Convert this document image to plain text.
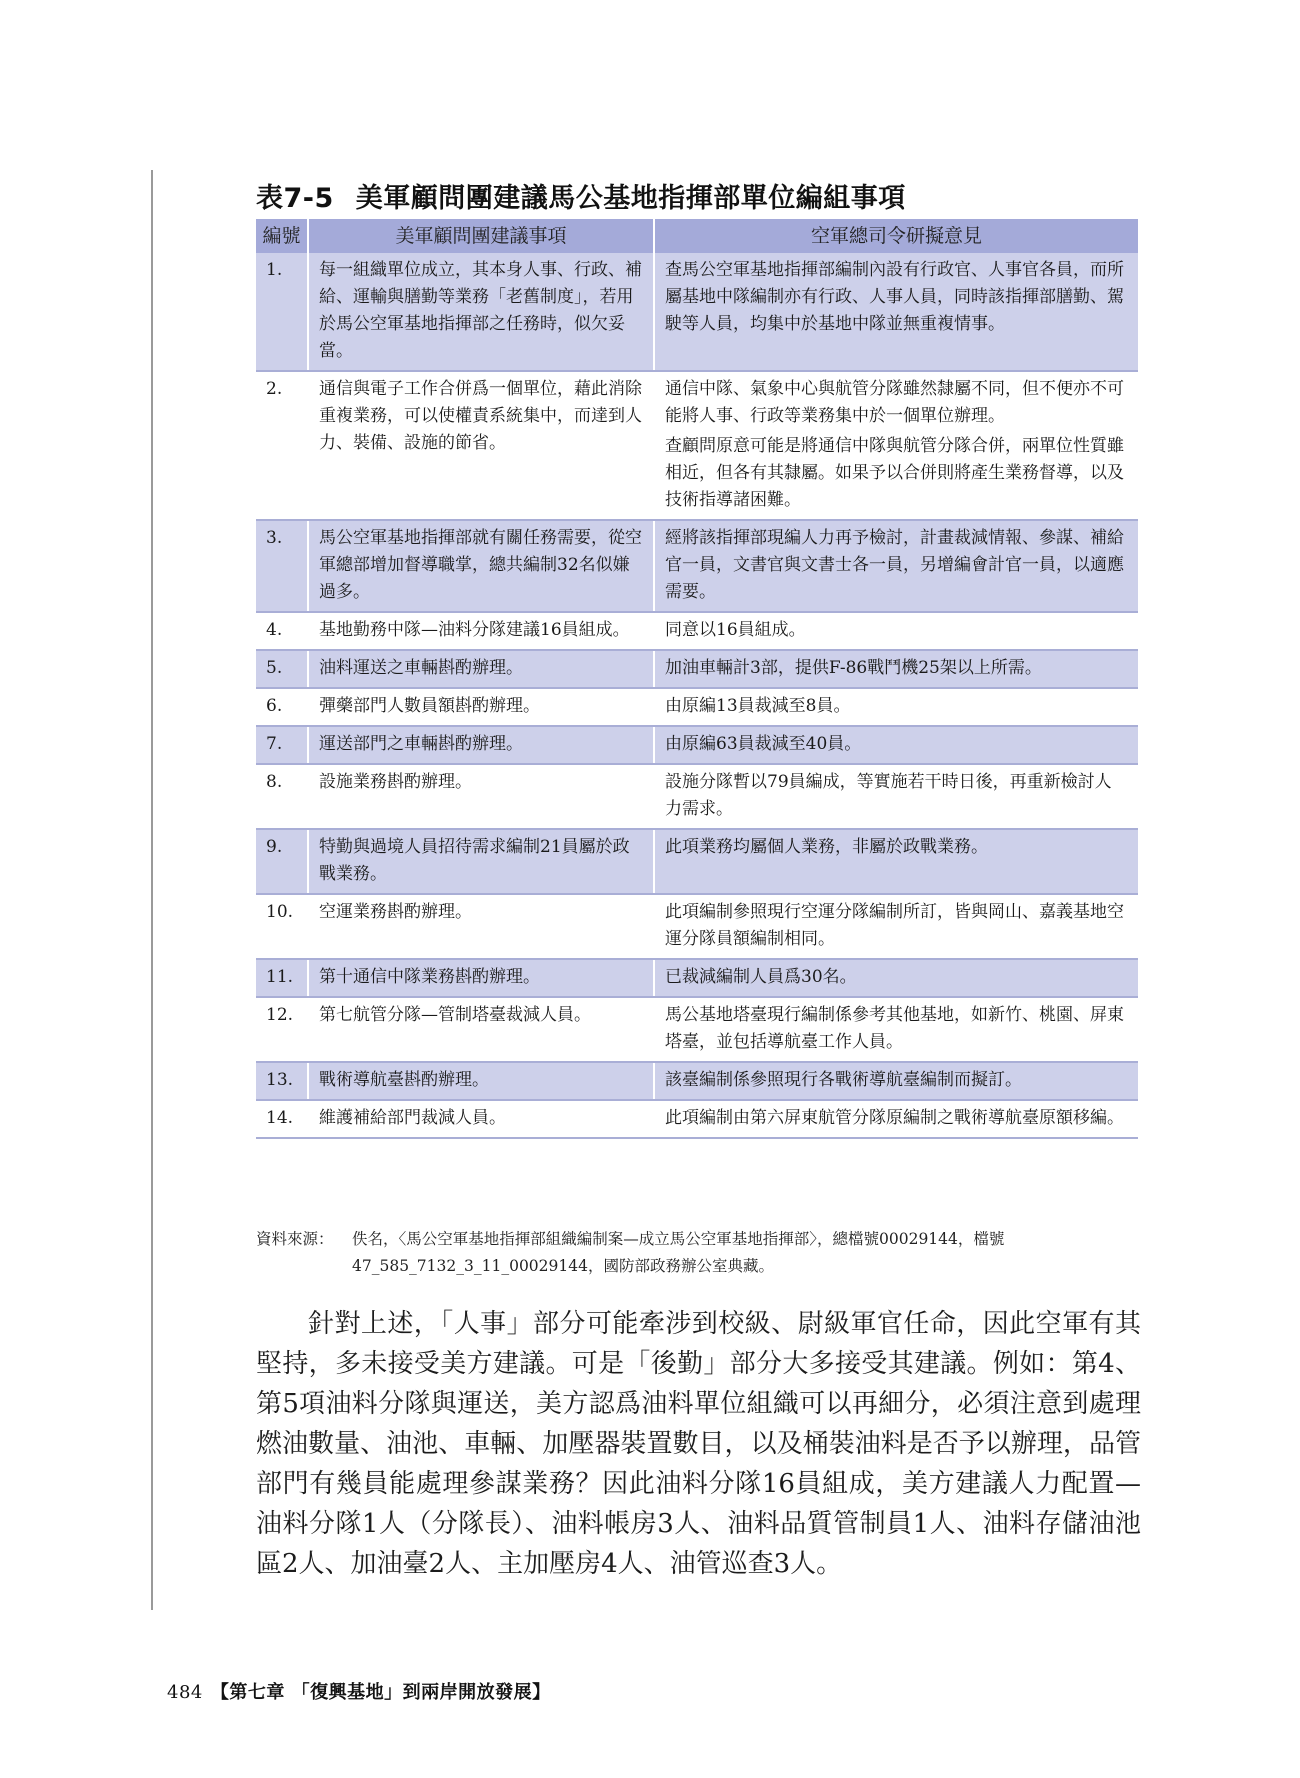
表7-5 美軍顧問團建議馬公基地指揮部單位編組事項
編號	美軍顧問團建議事項	空軍總司令研擬意見
1.	每一組織單位成立，其本身人事、行政、補給、運輸與膳勤等業務「老舊制度」，若用於馬公空軍基地指揮部之任務時，似欠妥當。	查馬公空軍基地指揮部編制內設有行政官、人事官各員，而所屬基地中隊編制亦有行政、人事人員，同時該指揮部膳勤、駕駛等人員，均集中於基地中隊並無重複情事。
2.	通信與電子工作合併爲一個單位，藉此消除重複業務，可以使權責系統集中，而達到人力、裝備、設施的節省。	通信中隊、氣象中心與航管分隊雖然隸屬不同，但不便亦不可能將人事、行政等業務集中於一個單位辦理。
查顧問原意可能是將通信中隊與航管分隊合併，兩單位性質雖相近，但各有其隸屬。如果予以合併則將產生業務督導，以及技術指導諸困難。

3.	馬公空軍基地指揮部就有關任務需要，從空軍總部增加督導職掌，總共編制32名似嫌過多。	經將該指揮部現編人力再予檢討，計畫裁減情報、參謀、補給官一員，文書官與文書士各一員，另增編會計官一員，以適應需要。
4.	基地勤務中隊—油料分隊建議16員組成。	同意以16員組成。
5.	油料運送之車輛斟酌辦理。	加油車輛計3部，提供F-86戰鬥機25架以上所需。
6.	彈藥部門人數員額斟酌辦理。	由原編13員裁減至8員。
7.	運送部門之車輛斟酌辦理。	由原編63員裁減至40員。
8.	設施業務斟酌辦理。	設施分隊暫以79員編成，等實施若干時日後，再重新檢討人力需求。
9.	特勤與過境人員招待需求編制21員屬於政戰業務。	此項業務均屬個人業務，非屬於政戰業務。
10.	空運業務斟酌辦理。	此項編制參照現行空運分隊編制所訂，皆與岡山、嘉義基地空運分隊員額編制相同。
11.	第十通信中隊業務斟酌辦理。	已裁減編制人員爲30名。
12.	第七航管分隊—管制塔臺裁減人員。	馬公基地塔臺現行編制係參考其他基地，如新竹、桃園、屏東塔臺，並包括導航臺工作人員。
13.	戰術導航臺斟酌辦理。	該臺編制係參照現行各戰術導航臺編制而擬訂。
14.	維護補給部門裁減人員。	此項編制由第六屏東航管分隊原編制之戰術導航臺原額移編。
資料來源： 佚名，〈馬公空軍基地指揮部組織編制案—成立馬公空軍基地指揮部〉，總檔號00029144，檔號47_585_7132_3_11_00029144，國防部政務辦公室典藏。

針對上述，「人事」部分可能牽涉到校級、尉級軍官任命，因此空軍有其堅持，多未接受美方建議。可是「後勤」部分大多接受其建議。例如：第4、第5項油料分隊與運送，美方認爲油料單位組織可以再細分，必須注意到處理燃油數量、油池、車輛、加壓器裝置數目，以及桶裝油料是否予以辦理，品管部門有幾員能處理參謀業務？因此油料分隊16員組成，美方建議人力配置—油料分隊1人（分隊長）、油料帳房3人、油料品質管制員1人、油料存儲油池區2人、加油臺2人、主加壓房4人、油管巡查3人。

484 【第七章 「復興基地」到兩岸開放發展】
